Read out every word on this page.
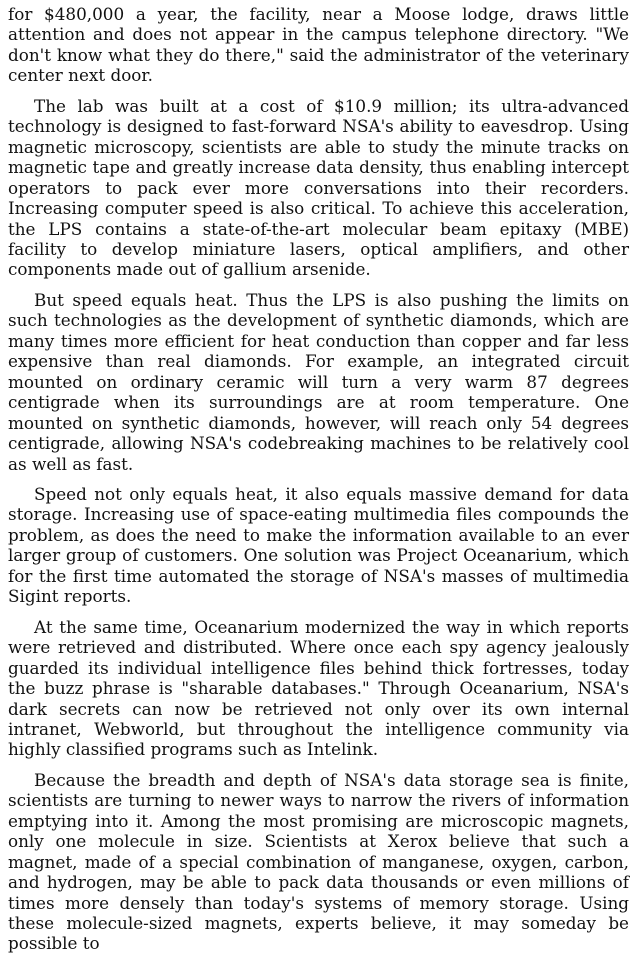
for $480,000 a year, the facility, near a Moose lodge, draws little attention and does not appear in the campus telephone directory. "We don't know what they do there," said the administrator of the veterinary center next door.

The lab was built at a cost of $10.9 million; its ultra-advanced technology is designed to fast-forward NSA's ability to eavesdrop. Using magnetic microscopy, scientists are able to study the minute tracks on magnetic tape and greatly increase data density, thus enabling intercept operators to pack ever more conversations into their recorders. Increasing computer speed is also critical. To achieve this acceleration, the LPS contains a state-of-the-art molecular beam epitaxy (MBE) facility to develop miniature lasers, optical amplifiers, and other components made out of gallium arsenide.

But speed equals heat. Thus the LPS is also pushing the limits on such technologies as the development of synthetic diamonds, which are many times more efficient for heat conduction than copper and far less expensive than real diamonds. For example, an integrated circuit mounted on ordinary ceramic will turn a very warm 87 degrees centigrade when its surroundings are at room temperature. One mounted on synthetic diamonds, however, will reach only 54 degrees centigrade, allowing NSA's codebreaking machines to be relatively cool as well as fast.

Speed not only equals heat, it also equals massive demand for data storage. Increasing use of space-eating multimedia files compounds the problem, as does the need to make the information available to an ever larger group of customers. One solution was Project Oceanarium, which for the first time automated the storage of NSA's masses of multimedia Sigint reports.

At the same time, Oceanarium modernized the way in which reports were retrieved and distributed. Where once each spy agency jealously guarded its individual intelligence files behind thick fortresses, today the buzz phrase is "sharable databases." Through Oceanarium, NSA's dark secrets can now be retrieved not only over its own internal intranet, Webworld, but throughout the intelligence community via highly classified programs such as Intelink.

Because the breadth and depth of NSA's data storage sea is finite, scientists are turning to newer ways to narrow the rivers of information emptying into it. Among the most promising are microscopic magnets, only one molecule in size. Scientists at Xerox believe that such a magnet, made of a special combination of manganese, oxygen, carbon, and hydrogen, may be able to pack data thousands or even millions of times more densely than today's systems of memory storage. Using these molecule-sized magnets, experts believe, it may someday be possible to
